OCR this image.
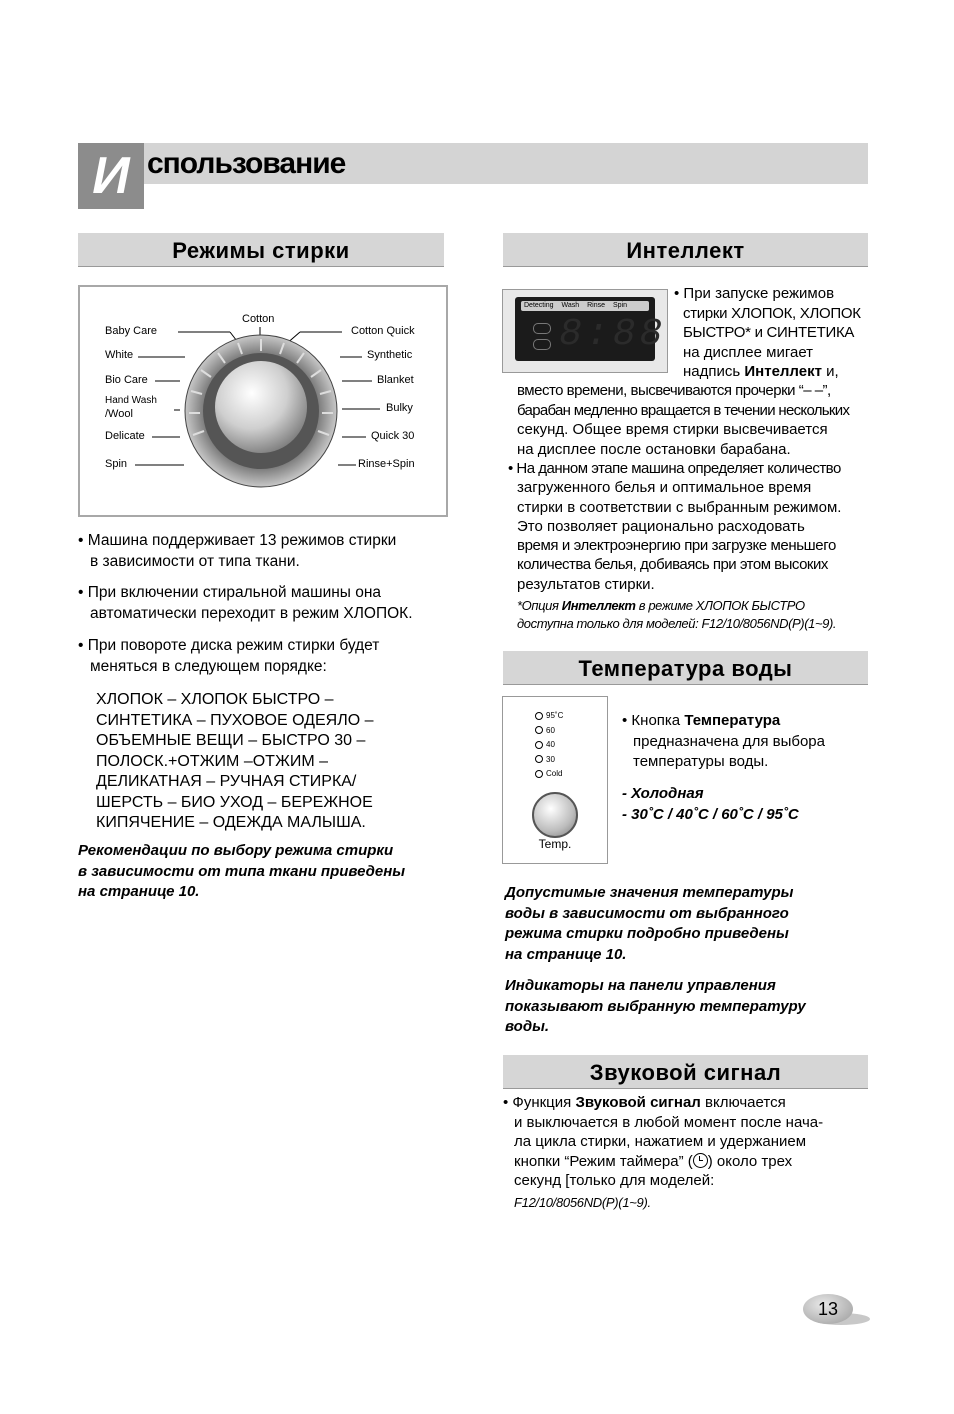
И спользование
Режимы стирки
Cotton
Baby Care
White
Bio Care
Hand Wash
/Wool
Delicate
Spin
Cotton Quick
Synthetic
Blanket
Bulky
Quick 30
Rinse+Spin
• Машина поддерживает 13 режимов стирки
в зависимости от типа ткани.
• При включении стиральной машины она
автоматически переходит в режим ХЛОПОК.
• При повороте диска режим стирки будет
меняться в следующем порядке:
ХЛОПОК – ХЛОПОК БЫСТРО –
СИНТЕТИКА – ПУХОВОЕ ОДЕЯЛО –
ОБЪЕМНЫЕ ВЕЩИ – БЫСТРО 30 –
ПОЛОСК.+ОТЖИМ –ОТЖИМ –
ДЕЛИКАТНАЯ – РУЧНАЯ СТИРКА/
ШЕРСТЬ – БИО УХОД – БЕРЕЖНОЕ
КИПЯЧЕНИЕ – ОДЕЖДА МАЛЫША.
Рекомендации по выбору режима стирки
в зависимости от типа ткани приведены
на странице 10.
Интеллект
Detecting Wash Rinse Spin
8:88
• При запуске режимов
стирки ХЛОПОК, ХЛОПОК
БЫСТРО* и СИНТЕТИКА
на дисплее мигает
надпись Интеллект и,
вместо времени, высвечиваются прочерки “– –”,
барабан медленно вращается в течении нескольких
секунд. Общее время стирки высвечивается
на дисплее после остановки барабана.
• На данном этапе машина определяет количество
загруженного белья и оптимальное время
стирки в соответствии с выбранным режимом.
Это позволяет рационально расходовать
время и электроэнергию при загрузке меньшего
количества белья, добиваясь при этом высоких
результатов стирки.
*Опция Интеллект в режиме ХЛОПОК БЫСТРО
доступна только для моделей: F12/10/8056ND(P)(1~9).
Температура воды
95˚C
60
40
30
Cold
Temp.
• Кнопка Температура
предназначена для выбора
температуры воды.
- Холодная
- 30˚C / 40˚C / 60˚C / 95˚C
Допустимые значения температуры
воды в зависимости от выбранного
режима стирки подробно приведены
на странице 10.
Индикаторы на панели управления
показывают выбранную температуру
воды.
Звуковой сигнал
• Функция Звуковой сигнал включается
и выключается в любой момент после нача-
ла цикла стирки, нажатием и удержанием
кнопки “Режим таймера” ( ) около трех
секунд [только для моделей:
F12/10/8056ND(P)(1~9).
13
